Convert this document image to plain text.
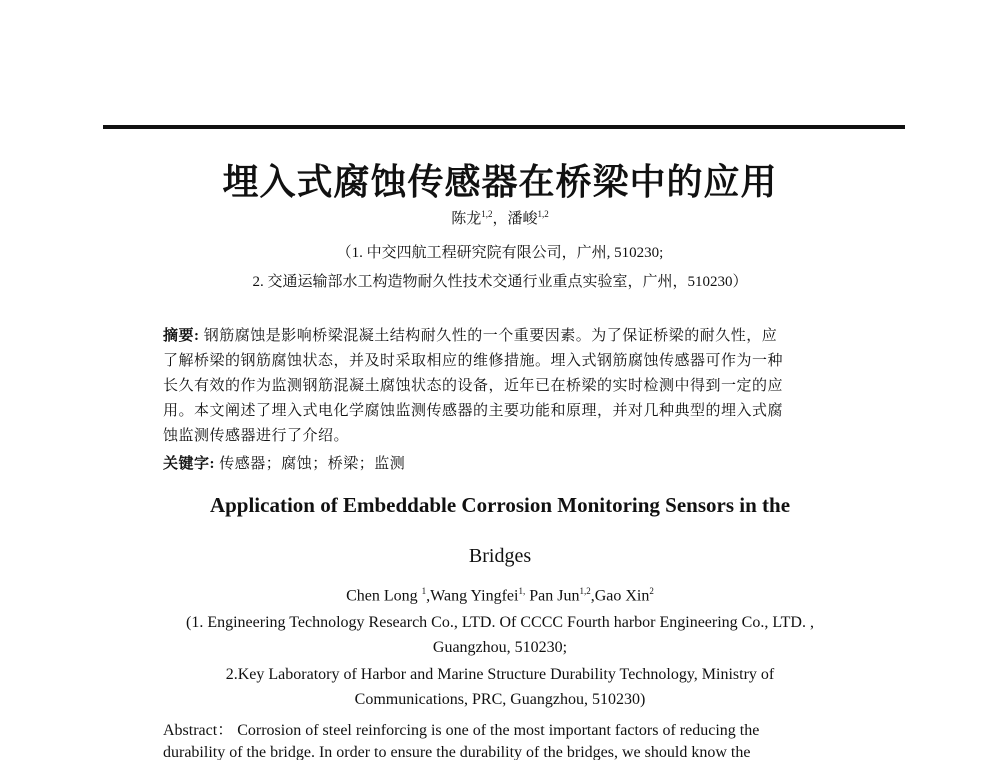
埋入式腐蚀传感器在桥梁中的应用
陈龙$^{1,2}$，潘峻$^{1,2}$
（1. 中交四航工程研究院有限公司，广州, 510230;
2. 交通运输部水工构造物耐久性技术交通行业重点实验室，广州，510230）
摘要: 钢筋腐蚀是影响桥梁混凝土结构耐久性的一个重要因素。为了保证桥梁的耐久性，应
了解桥梁的钢筋腐蚀状态，并及时采取相应的维修措施。埋入式钢筋腐蚀传感器可作为一种
长久有效的作为监测钢筋混凝土腐蚀状态的设备，近年已在桥梁的实时检测中得到一定的应
用。本文阐述了埋入式电化学腐蚀监测传感器的主要功能和原理，并对几种典型的埋入式腐
蚀监测传感器进行了介绍。
关键字: 传感器；腐蚀；桥梁；监测
Application of Embeddable Corrosion Monitoring Sensors in the
Bridges
Chen Long $^1$,Wang Yingfei$^{1,}$ Pan Jun$^{1,2}$,Gao Xin$^2$
(1. Engineering Technology Research Co., LTD. Of CCCC Fourth harbor Engineering Co., LTD. ,
Guangzhou, 510230;
2.Key Laboratory of Harbor and Marine Structure Durability Technology, Ministry of
Communications, PRC, Guangzhou, 510230)
Abstract： Corrosion of steel reinforcing is one of the most important factors of reducing the
durability of the bridge. In order to ensure the durability of the bridges, we should know the
